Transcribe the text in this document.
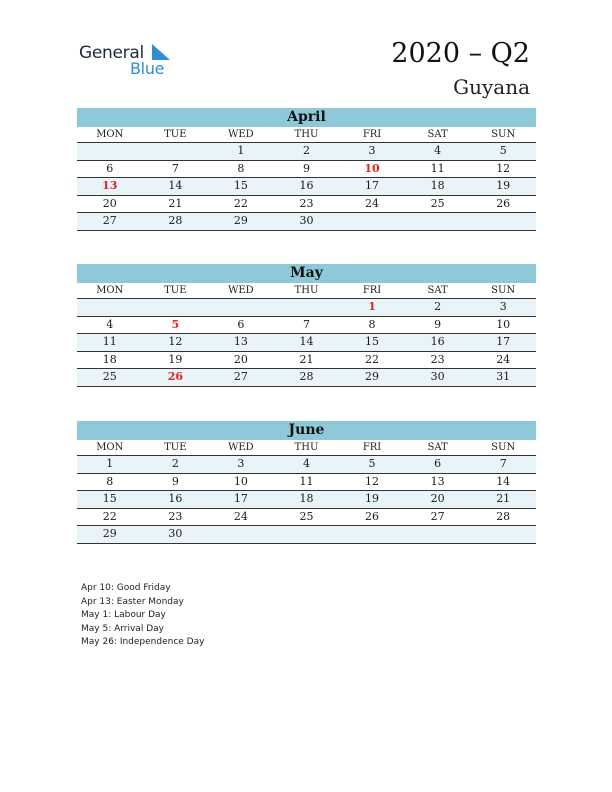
General
Blue	2020 – Q2
Guyana
April
MON	TUE	WED	THU	FRI	SAT	SUN
		1	2	3	4	5
6	7	8	9	10	11	12
13	14	15	16	17	18	19
20	21	22	23	24	25	26
27	28	29	30			
May
MON	TUE	WED	THU	FRI	SAT	SUN
				1	2	3
4	5	6	7	8	9	10
11	12	13	14	15	16	17
18	19	20	21	22	23	24
25	26	27	28	29	30	31
June
MON	TUE	WED	THU	FRI	SAT	SUN
1	2	3	4	5	6	7
8	9	10	11	12	13	14
15	16	17	18	19	20	21
22	23	24	25	26	27	28
29	30					
Apr 10: Good Friday
Apr 13: Easter Monday
May 1: Labour Day
May 5: Arrival Day
May 26: Independence Day
